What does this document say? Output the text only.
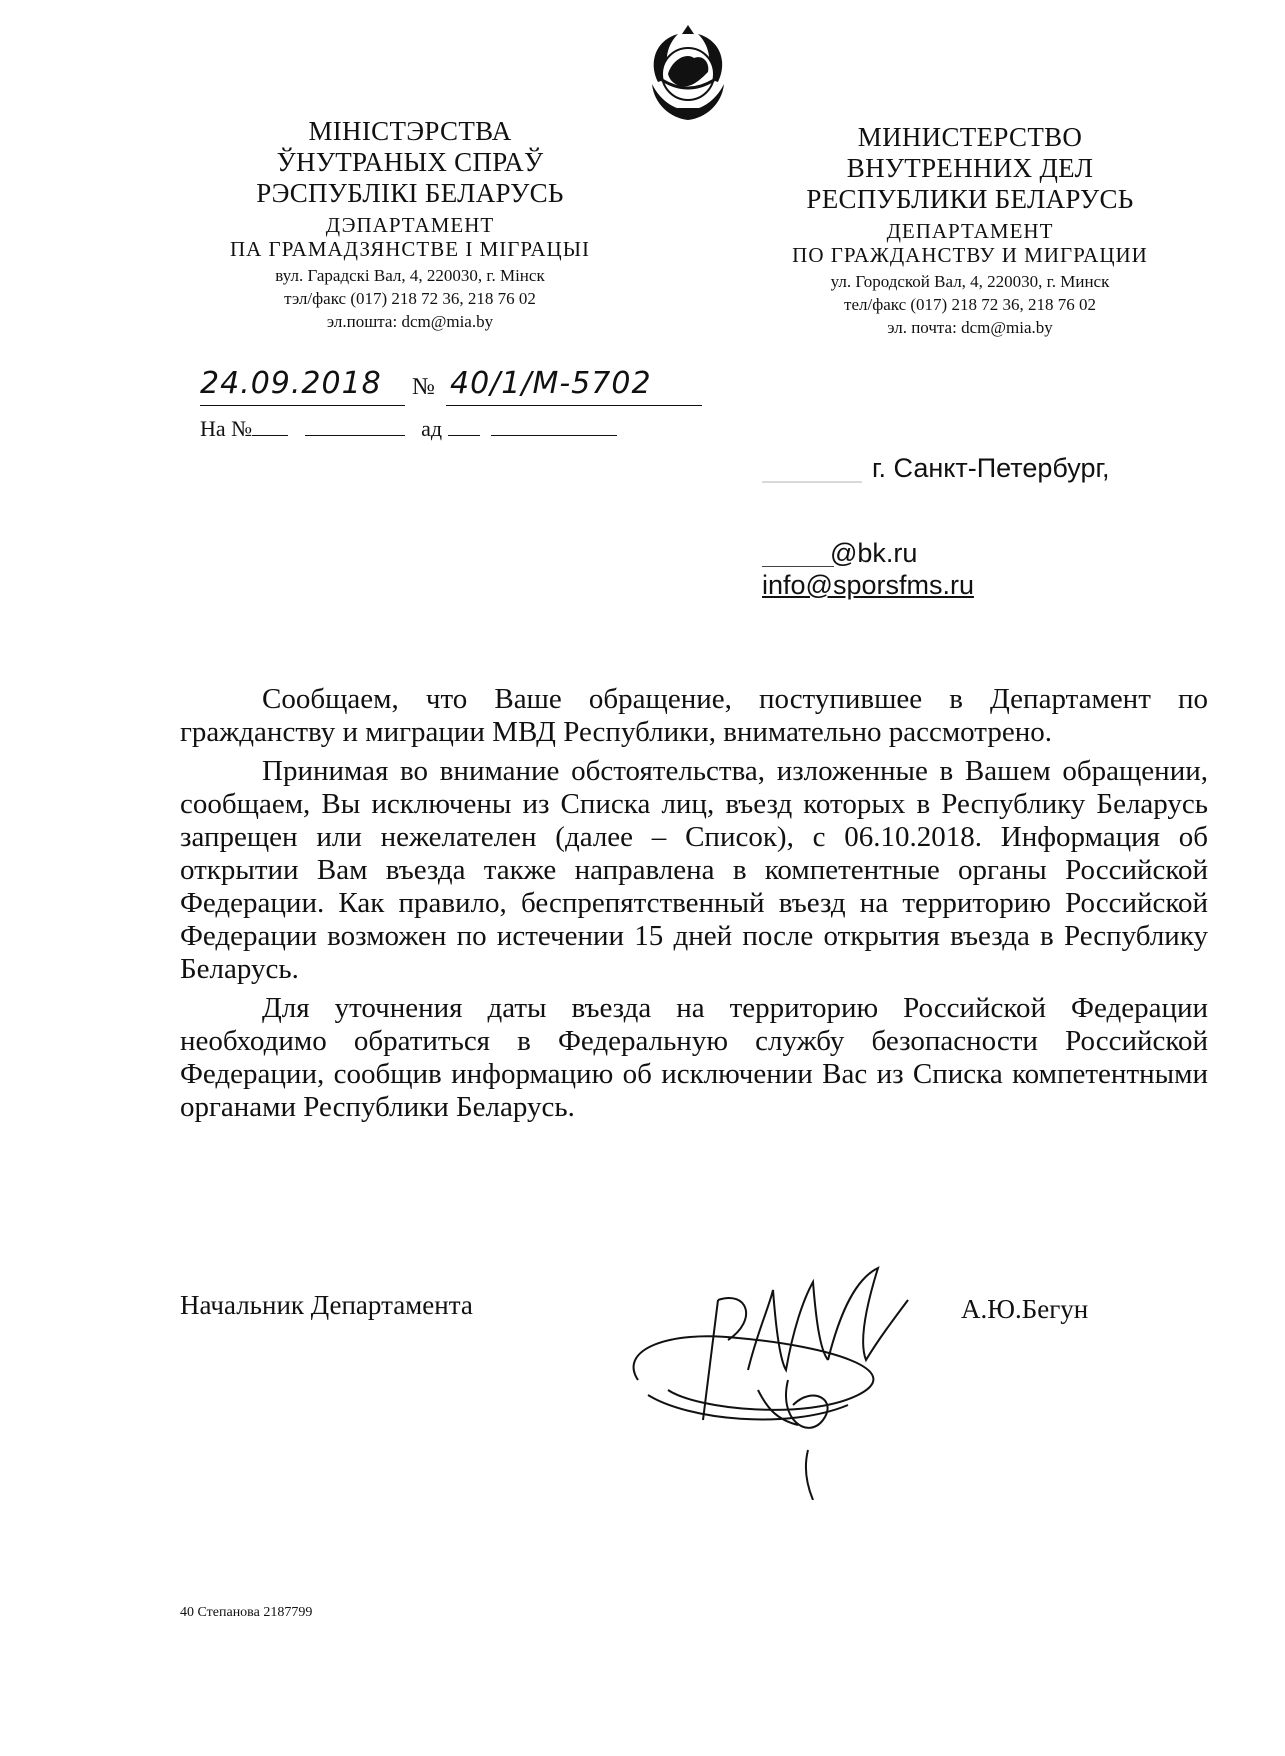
МІНІСТЭРСТВА
ЎНУТРАНЫХ СПРАЎ
РЭСПУБЛІКІ БЕЛАРУСЬ
ДЭПАРТАМЕНТ
ПА ГРАМАДЗЯНСТВЕ І МІГРАЦЫІ
вул. Гарадскі Вал, 4, 220030, г. Мінск
тэл/факс (017) 218 72 36, 218 76 02
эл.пошта: dcm@mia.by
МИНИСТЕРСТВО
ВНУТРЕННИХ ДЕЛ
РЕСПУБЛИКИ БЕЛАРУСЬ
ДЕПАРТАМЕНТ
ПО ГРАЖДАНСТВУ И МИГРАЦИИ
ул. Городской Вал, 4, 220030, г. Минск
тел/факс (017) 218 72 36, 218 76 02
эл. почта: dcm@mia.by
24.09.2018 № 40/1/М-5702
На №	ад
г. Санкт-Петербург,
@bk.ru
info@sporsfms.ru

Сообщаем, что Ваше обращение, поступившее в Департамент по гражданству и миграции МВД Республики, внимательно рассмотрено.

Принимая во внимание обстоятельства, изложенные в Вашем обращении, сообщаем, Вы исключены из Списка лиц, въезд которых в Республику Беларусь запрещен или нежелателен (далее – Список), с 06.10.2018. Информация об открытии Вам въезда также направлена в компетентные органы Российской Федерации. Как правило, беспрепятственный въезд на территорию Российской Федерации возможен по истечении 15 дней после открытия въезда в Республику Беларусь.

Для уточнения даты въезда на территорию Российской Федерации необходимо обратиться в Федеральную службу безопасности Российской Федерации, сообщив информацию об исключении Вас из Списка компетентными органами Республики Беларусь.

Начальник Департамента	А.Ю.Бегун
40 Степанова 2187799
